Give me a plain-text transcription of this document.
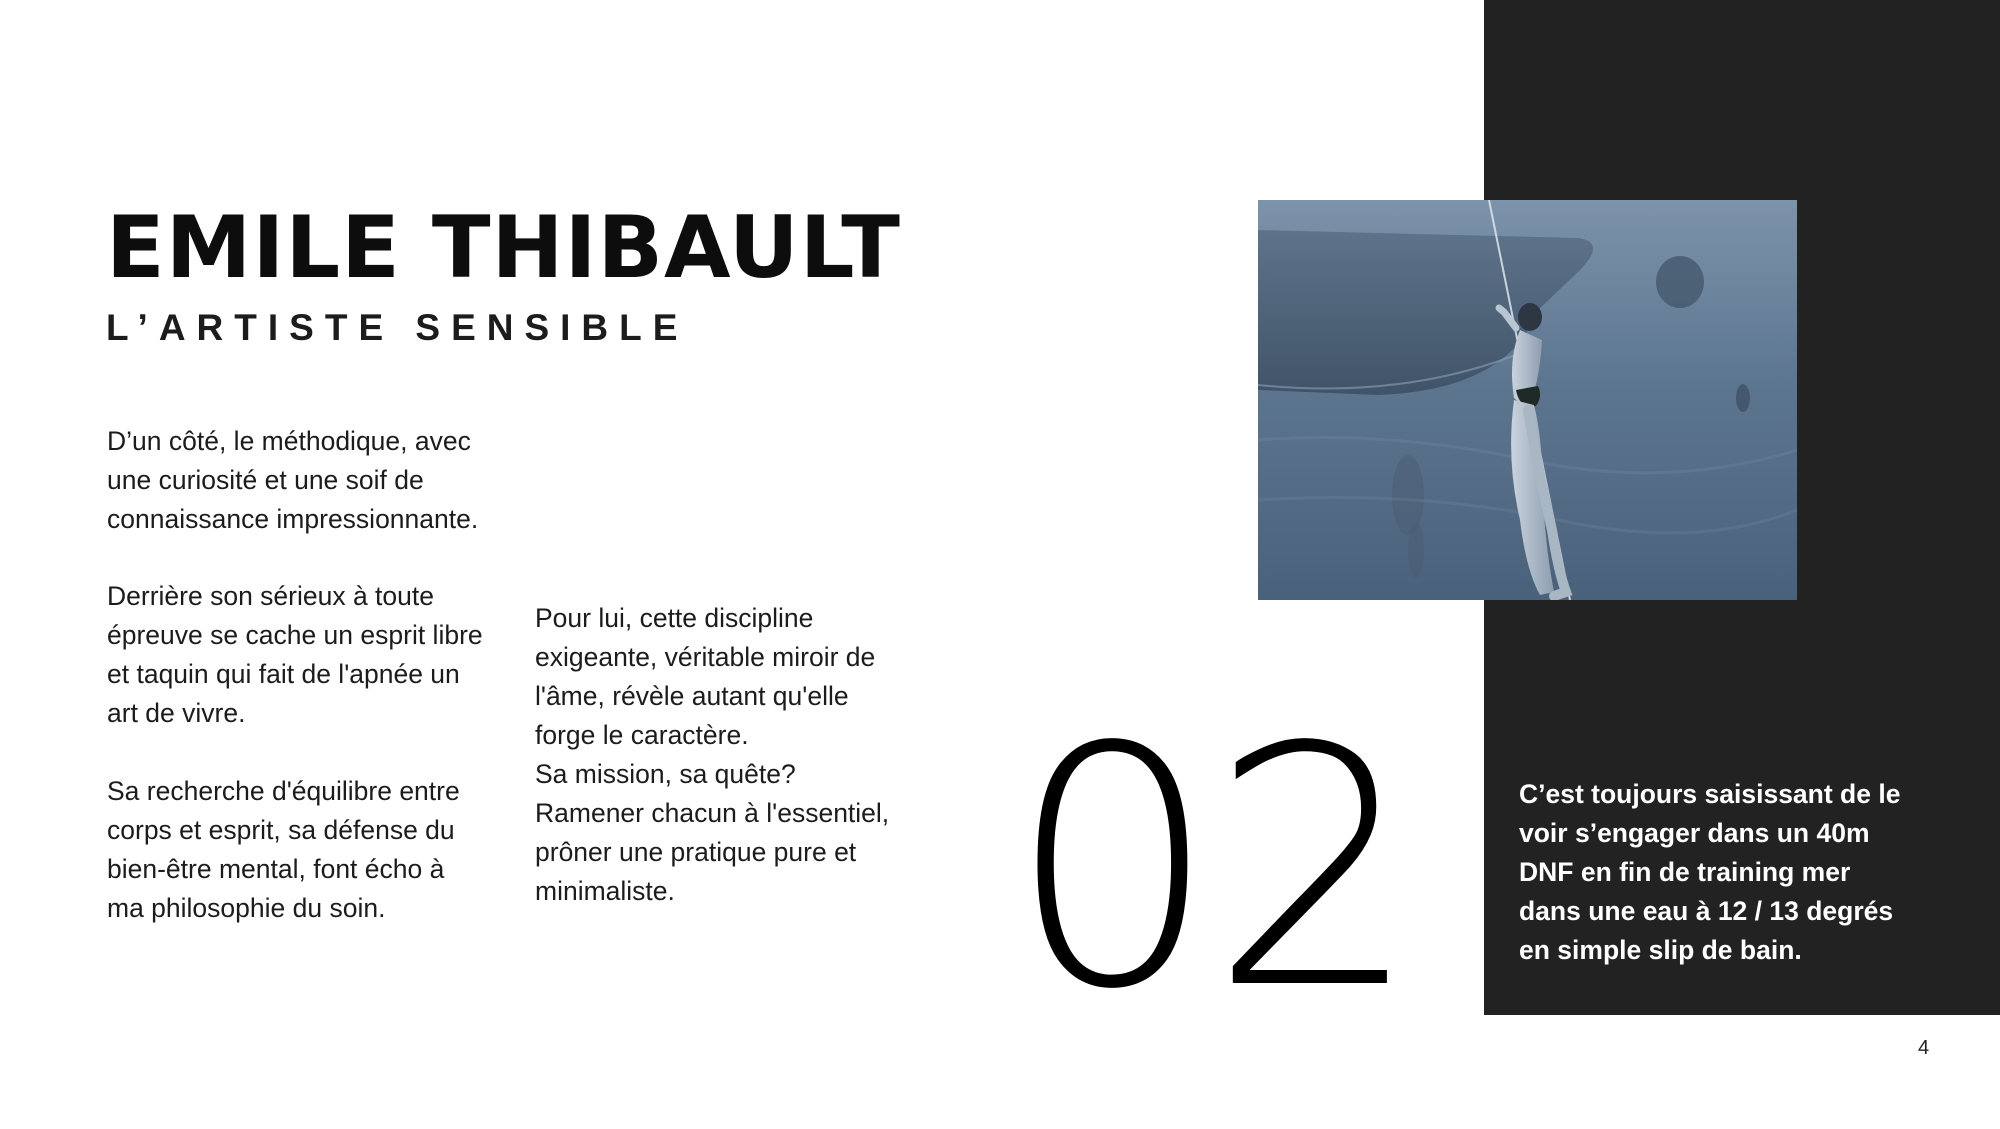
EMILE THIBAULT
L’ARTISTE SENSIBLE

D’un côté, le méthodique, avec
une curiosité et une soif de
connaissance impressionnante.

Derrière son sérieux à toute
épreuve se cache un esprit libre
et taquin qui fait de l'apnée un
art de vivre.

Sa recherche d'équilibre entre
corps et esprit, sa défense du
bien-être mental, font écho à
ma philosophie du soin.

Pour lui, cette discipline
exigeante, véritable miroir de
l'âme, révèle autant qu'elle
forge le caractère.
Sa mission, sa quête?
Ramener chacun à l'essentiel,
prôner une pratique pure et
minimaliste.	02	C’est toujours saisissant de le
voir s’engager dans un 40m
DNF en fin de training mer
dans une eau à 12 / 13 degrés
en simple slip de bain.

4
